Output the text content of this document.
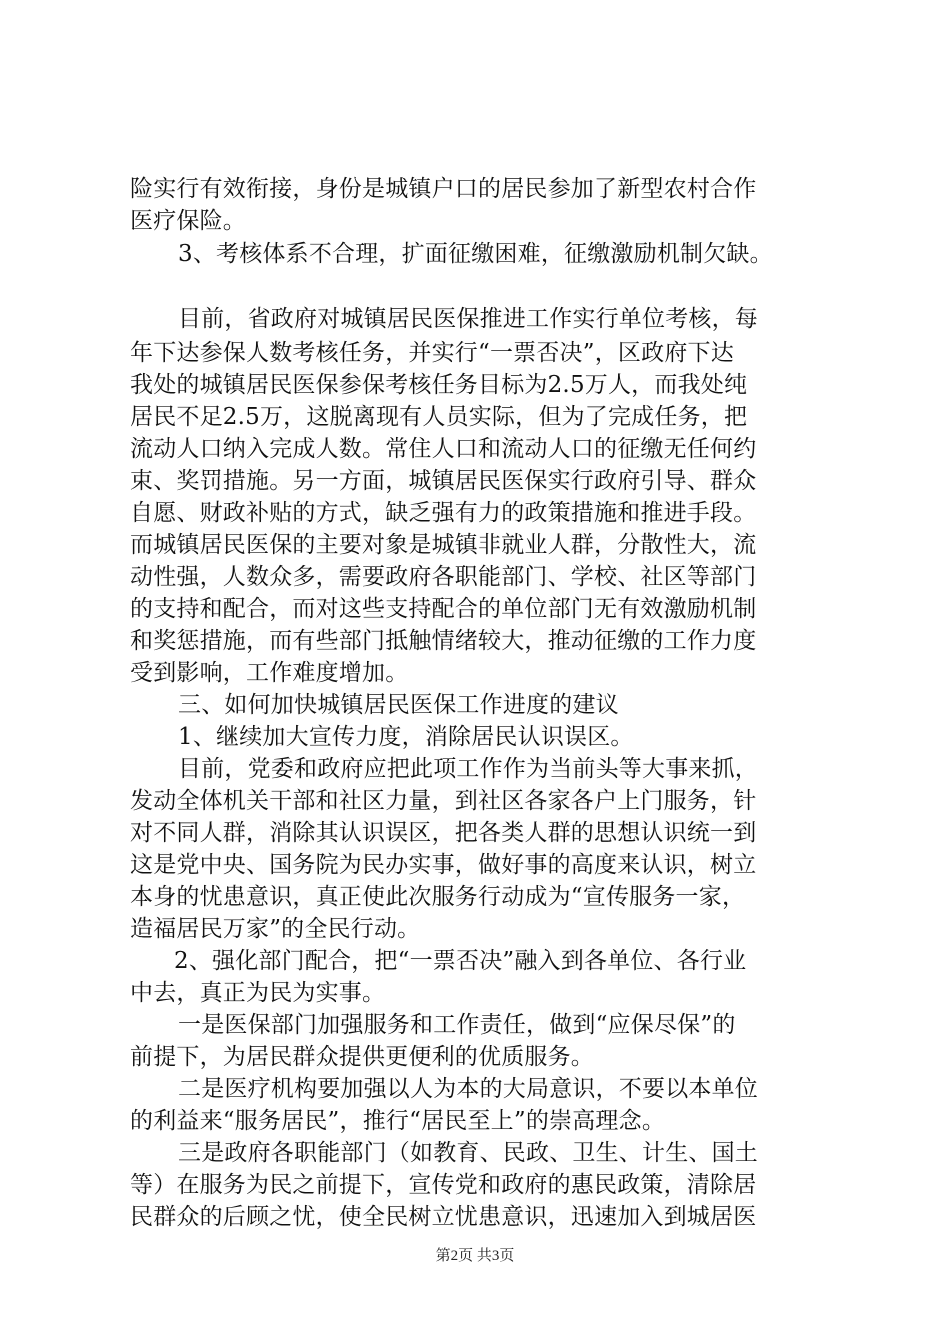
险实行有效衔接，身份是城镇户口的居民参加了新型农村合作
医疗保险。
3、考核体系不合理，扩面征缴困难，征缴激励机制欠缺。
目前，省政府对城镇居民医保推进工作实行单位考核，每
年下达参保人数考核任务，并实行“一票否决”，区政府下达
我处的城镇居民医保参保考核任务目标为2.5万人，而我处纯
居民不足2.5万，这脱离现有人员实际，但为了完成任务，把
流动人口纳入完成人数。常住人口和流动人口的征缴无任何约
束、奖罚措施。另一方面，城镇居民医保实行政府引导、群众
自愿、财政补贴的方式，缺乏强有力的政策措施和推进手段。
而城镇居民医保的主要对象是城镇非就业人群，分散性大，流
动性强，人数众多，需要政府各职能部门、学校、社区等部门
的支持和配合，而对这些支持配合的单位部门无有效激励机制
和奖惩措施，而有些部门抵触情绪较大，推动征缴的工作力度
受到影响，工作难度增加。
三、如何加快城镇居民医保工作进度的建议
1、继续加大宣传力度，消除居民认识误区。
目前，党委和政府应把此项工作作为当前头等大事来抓，
发动全体机关干部和社区力量，到社区各家各户上门服务，针
对不同人群，消除其认识误区，把各类人群的思想认识统一到
这是党中央、国务院为民办实事，做好事的高度来认识，树立
本身的忧患意识，真正使此次服务行动成为“宣传服务一家，
造福居民万家”的全民行动。
2、强化部门配合，把“一票否决”融入到各单位、各行业
中去，真正为民为实事。
一是医保部门加强服务和工作责任，做到“应保尽保”的
前提下，为居民群众提供更便利的优质服务。
二是医疗机构要加强以人为本的大局意识，不要以本单位
的利益来“服务居民”，推行“居民至上”的崇高理念。
三是政府各职能部门（如教育、民政、卫生、计生、国土
等）在服务为民之前提下，宣传党和政府的惠民政策，清除居
民群众的后顾之忧，使全民树立忧患意识，迅速加入到城居医
第2页 共3页
